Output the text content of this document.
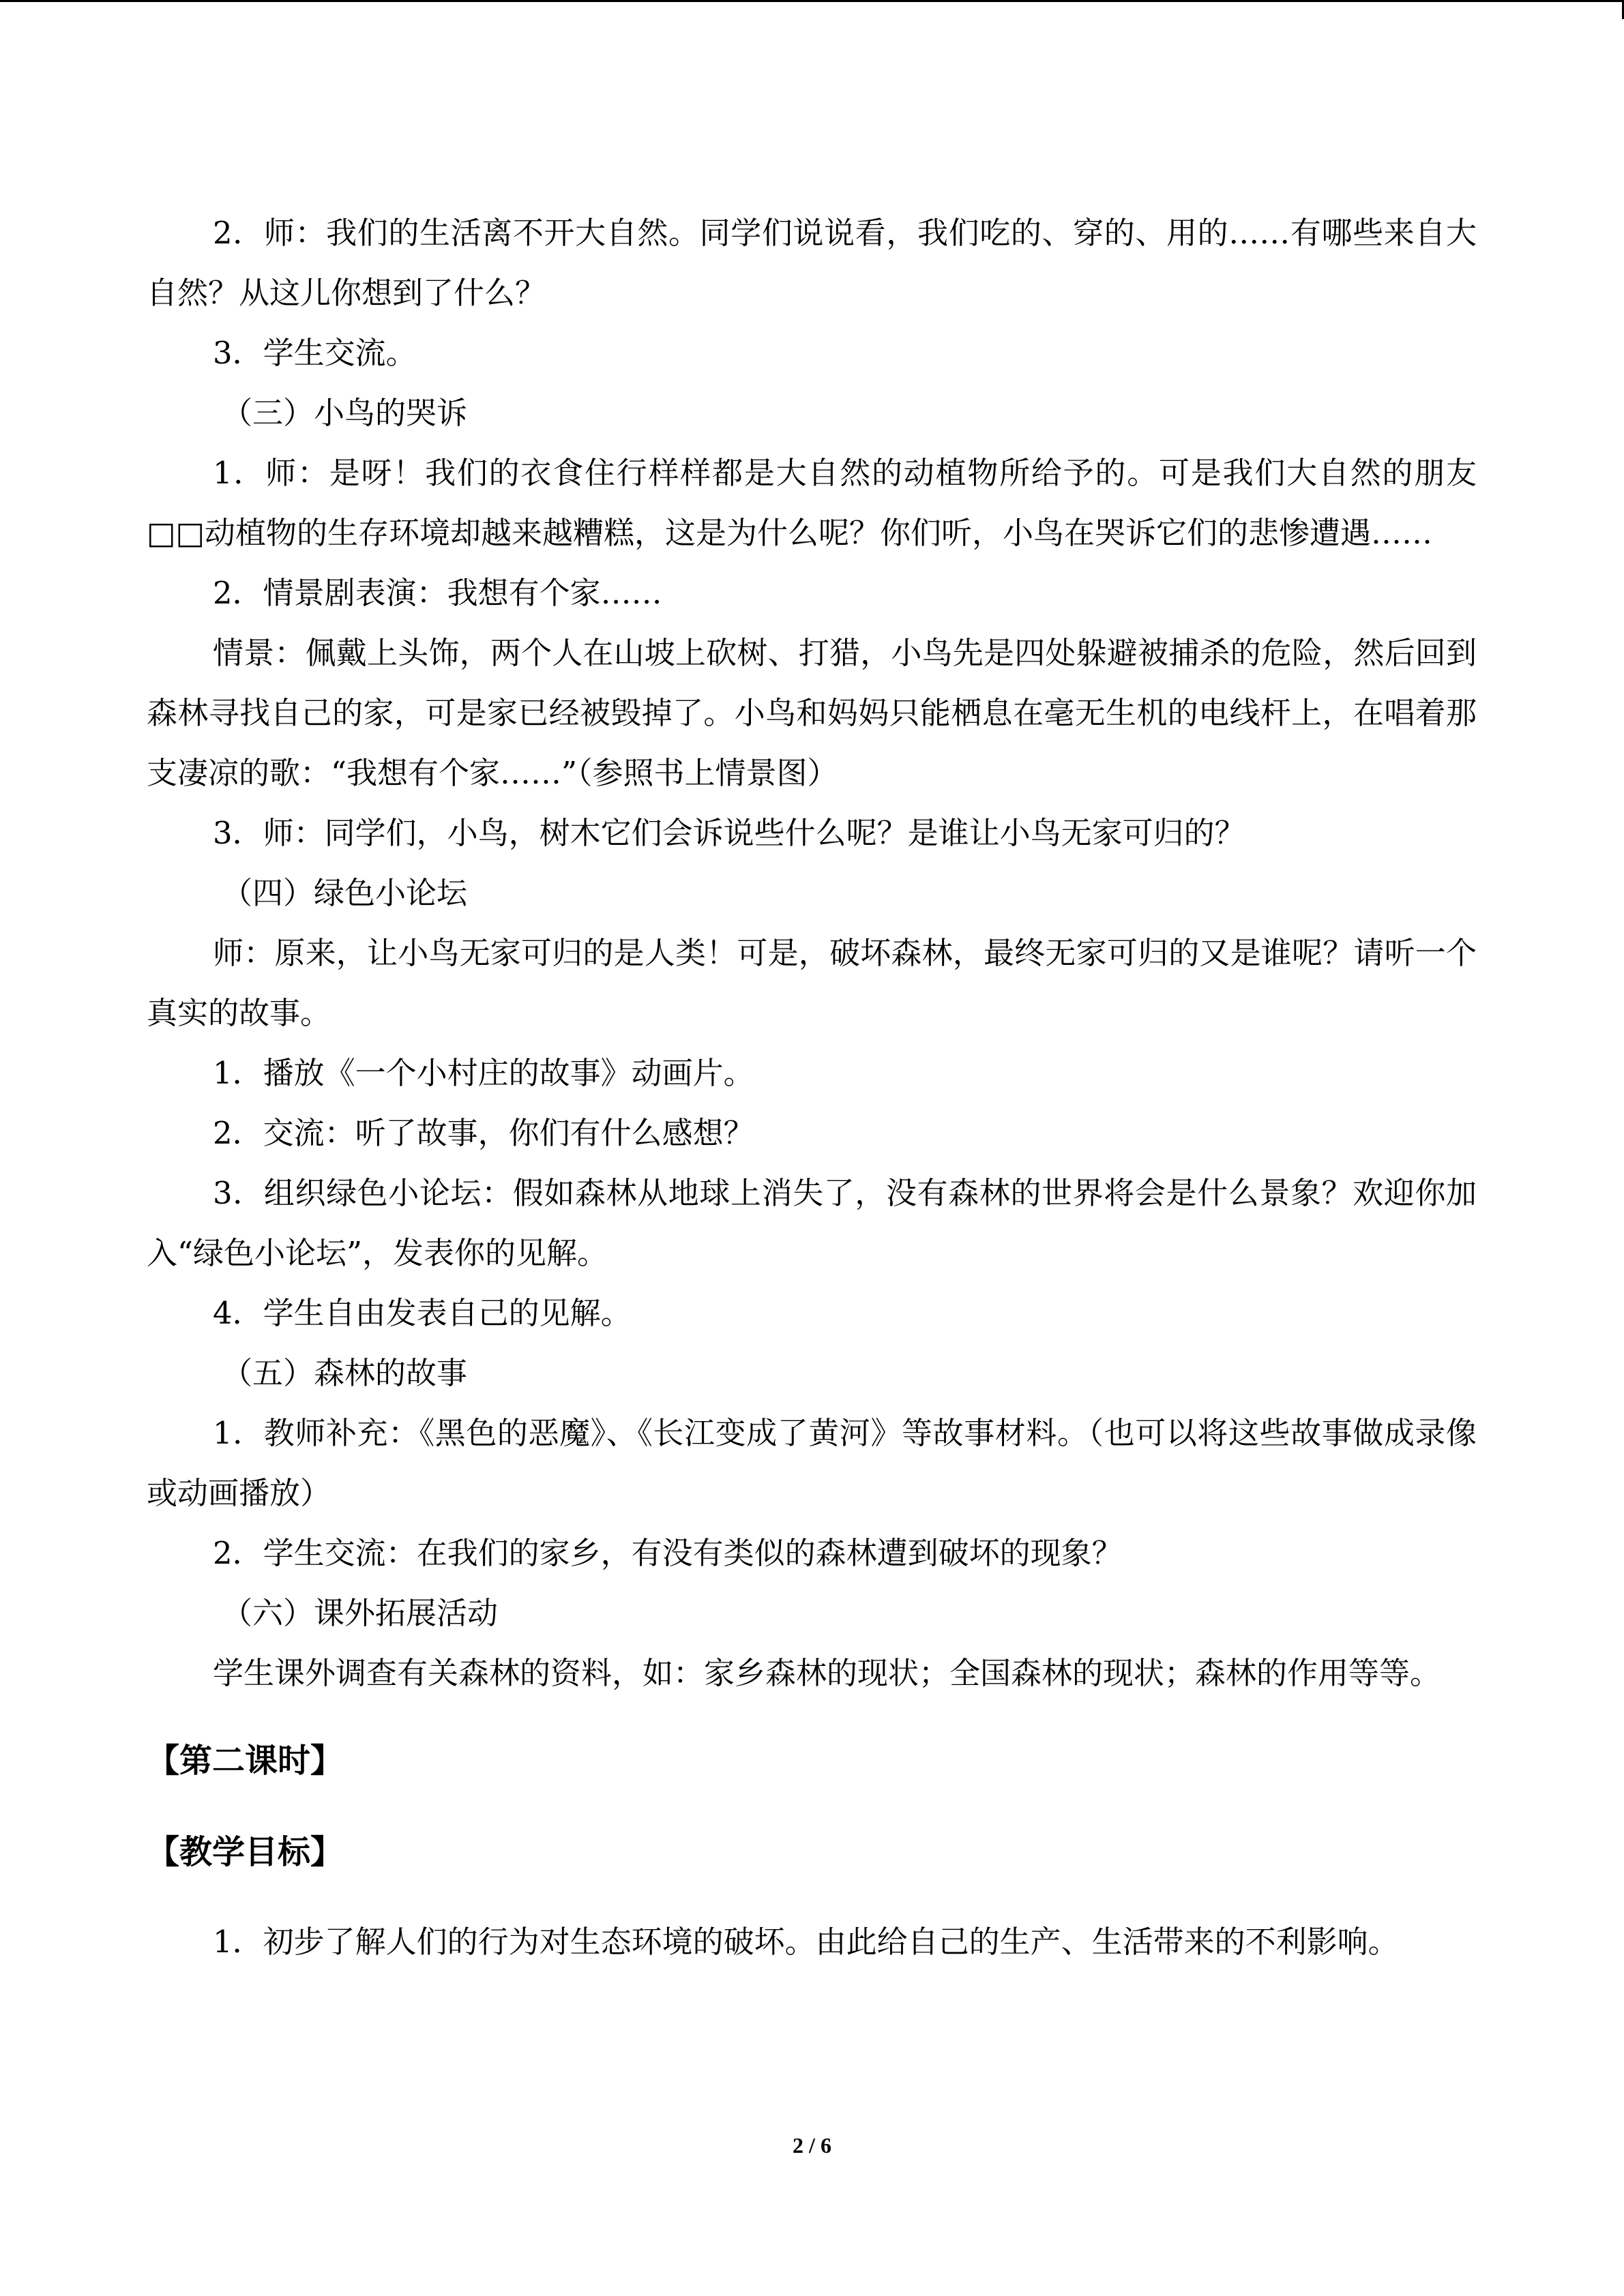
2．师：我们的生活离不开大自然。同学们说说看，我们吃的、穿的、用的……有哪些来自大自然？从这儿你想到了什么？

3．学生交流。

（三）小鸟的哭诉

1．师：是呀！我们的衣食住行样样都是大自然的动植物所给予的。可是我们大自然的朋友□□动植物的生存环境却越来越糟糕，这是为什么呢？你们听，小鸟在哭诉它们的悲惨遭遇……

2．情景剧表演：我想有个家……

情景：佩戴上头饰，两个人在山坡上砍树、打猎，小鸟先是四处躲避被捕杀的危险，然后回到森林寻找自己的家，可是家已经被毁掉了。小鸟和妈妈只能栖息在毫无生机的电线杆上，在唱着那支凄凉的歌：“我想有个家……”（参照书上情景图）

3．师：同学们，小鸟，树木它们会诉说些什么呢？是谁让小鸟无家可归的？

（四）绿色小论坛

师：原来，让小鸟无家可归的是人类！可是，破坏森林，最终无家可归的又是谁呢？请听一个真实的故事。

1．播放《一个小村庄的故事》动画片。

2．交流：听了故事，你们有什么感想？

3．组织绿色小论坛：假如森林从地球上消失了，没有森林的世界将会是什么景象？欢迎你加入“绿色小论坛”，发表你的见解。

4．学生自由发表自己的见解。

（五）森林的故事

1．教师补充：《黑色的恶魔》、《长江变成了黄河》等故事材料。（也可以将这些故事做成录像或动画播放）

2．学生交流：在我们的家乡，有没有类似的森林遭到破坏的现象？

（六）课外拓展活动

学生课外调查有关森林的资料，如：家乡森林的现状；全国森林的现状；森林的作用等等。

【第二课时】
【教学目标】

1．初步了解人们的行为对生态环境的破坏。由此给自己的生产、生活带来的不利影响。

2 / 6
